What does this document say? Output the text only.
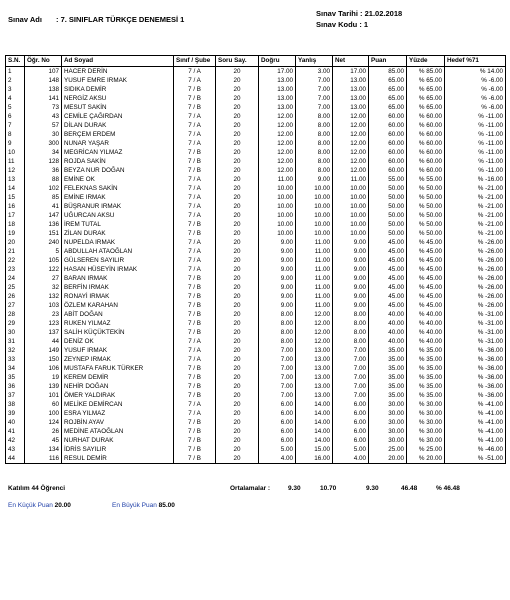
Sınav Adı : 7. SINIFLAR TÜRKÇE DENEMESİ 1
Sınav Tarihi : 21.02.2018
Sınav Kodu : 1
S.N.	Öğr. No	Ad Soyad	Sınıf / Şube	Soru Say.	Doğru	Yanlış	Net	Puan	Yüzde	Hedef %71
1	107	HACER DERİN	7 / A	20	17.00	3.00	17.00	85.00	% 85.00	% 14.00
2	148	YUSUF EMRE IRMAK	7 / A	20	13.00	7.00	13.00	65.00	% 65.00	% -6.00
3	138	SIDIKA DEMİR	7 / B	20	13.00	7.00	13.00	65.00	% 65.00	% -6.00
4	141	NERGİZ AKSU	7 / B	20	13.00	7.00	13.00	65.00	% 65.00	% -6.00
5	73	MESUT SAKİN	7 / B	20	13.00	7.00	13.00	65.00	% 65.00	% -6.00
6	43	CEMİLE ÇAĞIRDAN	7 / A	20	12.00	8.00	12.00	60.00	% 60.00	% -11.00
7	57	DİLAN DURAK	7 / A	20	12.00	8.00	12.00	60.00	% 60.00	% -11.00
8	30	BERÇEM ERDEM	7 / A	20	12.00	8.00	12.00	60.00	% 60.00	% -11.00
9	300	NUNAR YAŞAR	7 / A	20	12.00	8.00	12.00	60.00	% 60.00	% -11.00
10	34	MEGRİCAN YILMAZ	7 / B	20	12.00	8.00	12.00	60.00	% 60.00	% -11.00
11	128	ROJDA SAKİN	7 / B	20	12.00	8.00	12.00	60.00	% 60.00	% -11.00
12	36	BEYZA NUR DOĞAN	7 / B	20	12.00	8.00	12.00	60.00	% 60.00	% -11.00
13	88	EMİNE OK	7 / A	20	11.00	9.00	11.00	55.00	% 55.00	% -16.00
14	102	FELEKNAS SAKİN	7 / A	20	10.00	10.00	10.00	50.00	% 50.00	% -21.00
15	85	EMİNE IRMAK	7 / A	20	10.00	10.00	10.00	50.00	% 50.00	% -21.00
16	41	BÜŞRANUR IRMAK	7 / A	20	10.00	10.00	10.00	50.00	% 50.00	% -21.00
17	147	UĞURCAN AKSU	7 / A	20	10.00	10.00	10.00	50.00	% 50.00	% -21.00
18	136	İREM TUTAL	7 / B	20	10.00	10.00	10.00	50.00	% 50.00	% -21.00
19	151	ZİLAN DURAK	7 / B	20	10.00	10.00	10.00	50.00	% 50.00	% -21.00
20	240	NUPELDA IRMAK	7 / A	20	9.00	11.00	9.00	45.00	% 45.00	% -26.00
21	5	ABDULLAH ATAOĞLAN	7 / A	20	9.00	11.00	9.00	45.00	% 45.00	% -26.00
22	105	GÜLSEREN SAYILIR	7 / A	20	9.00	11.00	9.00	45.00	% 45.00	% -26.00
23	122	HASAN HÜSEYİN IRMAK	7 / A	20	9.00	11.00	9.00	45.00	% 45.00	% -26.00
24	27	BARAN IRMAK	7 / B	20	9.00	11.00	9.00	45.00	% 45.00	% -26.00
25	32	BERFİN IRMAK	7 / B	20	9.00	11.00	9.00	45.00	% 45.00	% -26.00
26	132	RONAYİ IRMAK	7 / B	20	9.00	11.00	9.00	45.00	% 45.00	% -26.00
27	103	ÖZLEM KARAHAN	7 / B	20	9.00	11.00	9.00	45.00	% 45.00	% -26.00
28	23	ABİT DOĞAN	7 / B	20	8.00	12.00	8.00	40.00	% 40.00	% -31.00
29	123	RUKEN YILMAZ	7 / B	20	8.00	12.00	8.00	40.00	% 40.00	% -31.00
30	137	SALİH KÜÇÜKTEKİN	7 / B	20	8.00	12.00	8.00	40.00	% 40.00	% -31.00
31	44	DENİZ OK	7 / A	20	8.00	12.00	8.00	40.00	% 40.00	% -31.00
32	149	YUSUF IRMAK	7 / A	20	7.00	13.00	7.00	35.00	% 35.00	% -36.00
33	150	ZEYNEP IRMAK	7 / A	20	7.00	13.00	7.00	35.00	% 35.00	% -36.00
34	106	MUSTAFA FARUK TÜRKER	7 / B	20	7.00	13.00	7.00	35.00	% 35.00	% -36.00
35	19	KEREM DEMİR	7 / B	20	7.00	13.00	7.00	35.00	% 35.00	% -36.00
36	139	NEHİR DOĞAN	7 / B	20	7.00	13.00	7.00	35.00	% 35.00	% -36.00
37	101	ÖMER YALDIRAK	7 / B	20	7.00	13.00	7.00	35.00	% 35.00	% -36.00
38	60	MELİKE DEMİRCAN	7 / A	20	6.00	14.00	6.00	30.00	% 30.00	% -41.00
39	100	ESRA YILMAZ	7 / A	20	6.00	14.00	6.00	30.00	% 30.00	% -41.00
40	124	ROJBİN AYAV	7 / B	20	6.00	14.00	6.00	30.00	% 30.00	% -41.00
41	26	MEDİNE ATAOĞLAN	7 / B	20	6.00	14.00	6.00	30.00	% 30.00	% -41.00
42	45	NURHAT DURAK	7 / B	20	6.00	14.00	6.00	30.00	% 30.00	% -41.00
43	134	İDRİS SAYILIR	7 / B	20	5.00	15.00	5.00	25.00	% 25.00	% -46.00
44	116	RESUL DEMİR	7 / B	20	4.00	16.00	4.00	20.00	% 20.00	% -51.00
Katılım 44 Öğrenci	Ortalamalar :	9.30	10.70	9.30	46.48	% 46.48
En Küçük Puan 20.00	En Büyük Puan 85.00
